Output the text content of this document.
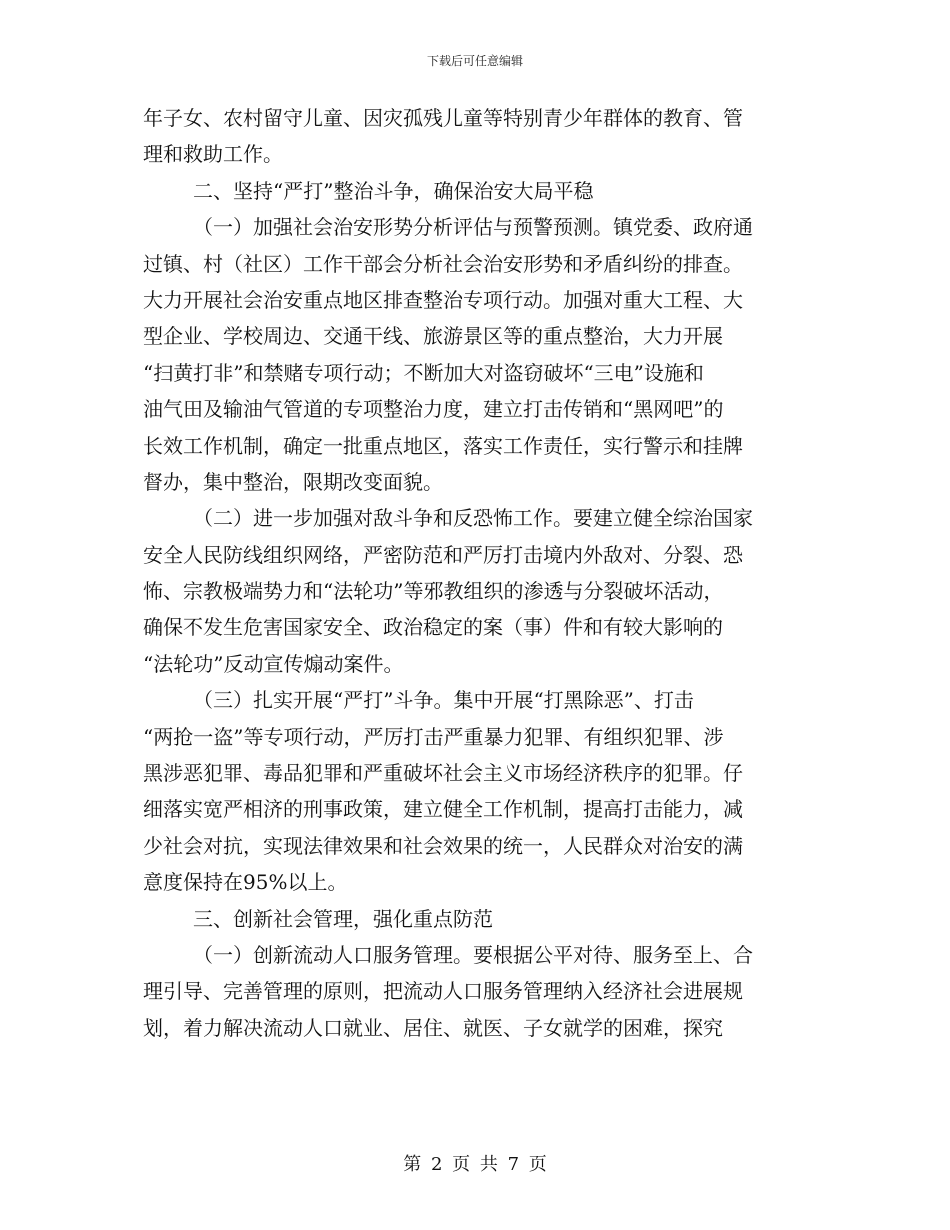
下载后可任意编辑
年子女、农村留守儿童、因灾孤残儿童等特别青少年群体的教育、管
理和救助工作。
二、坚持“严打”整治斗争，确保治安大局平稳
（一）加强社会治安形势分析评估与预警预测。镇党委、政府通
过镇、村（社区）工作干部会分析社会治安形势和矛盾纠纷的排查。
大力开展社会治安重点地区排查整治专项行动。加强对重大工程、大
型企业、学校周边、交通干线、旅游景区等的重点整治，大力开展
“扫黄打非”和禁赌专项行动；不断加大对盗窃破坏“三电”设施和
油气田及输油气管道的专项整治力度，建立打击传销和“黑网吧”的
长效工作机制，确定一批重点地区，落实工作责任，实行警示和挂牌
督办，集中整治，限期改变面貌。
（二）进一步加强对敌斗争和反恐怖工作。要建立健全综治国家
安全人民防线组织网络，严密防范和严厉打击境内外敌对、分裂、恐
怖、宗教极端势力和“法轮功”等邪教组织的渗透与分裂破坏活动，
确保不发生危害国家安全、政治稳定的案（事）件和有较大影响的
“法轮功”反动宣传煽动案件。
（三）扎实开展“严打”斗争。集中开展“打黑除恶”、打击
“两抢一盗”等专项行动，严厉打击严重暴力犯罪、有组织犯罪、涉
黑涉恶犯罪、毒品犯罪和严重破坏社会主义市场经济秩序的犯罪。仔
细落实宽严相济的刑事政策，建立健全工作机制，提高打击能力，减
少社会对抗，实现法律效果和社会效果的统一，人民群众对治安的满
意度保持在95%以上。
三、创新社会管理，强化重点防范
（一）创新流动人口服务管理。要根据公平对待、服务至上、合
理引导、完善管理的原则，把流动人口服务管理纳入经济社会进展规
划，着力解决流动人口就业、居住、就医、子女就学的困难，探究
第 2 页 共 7 页
